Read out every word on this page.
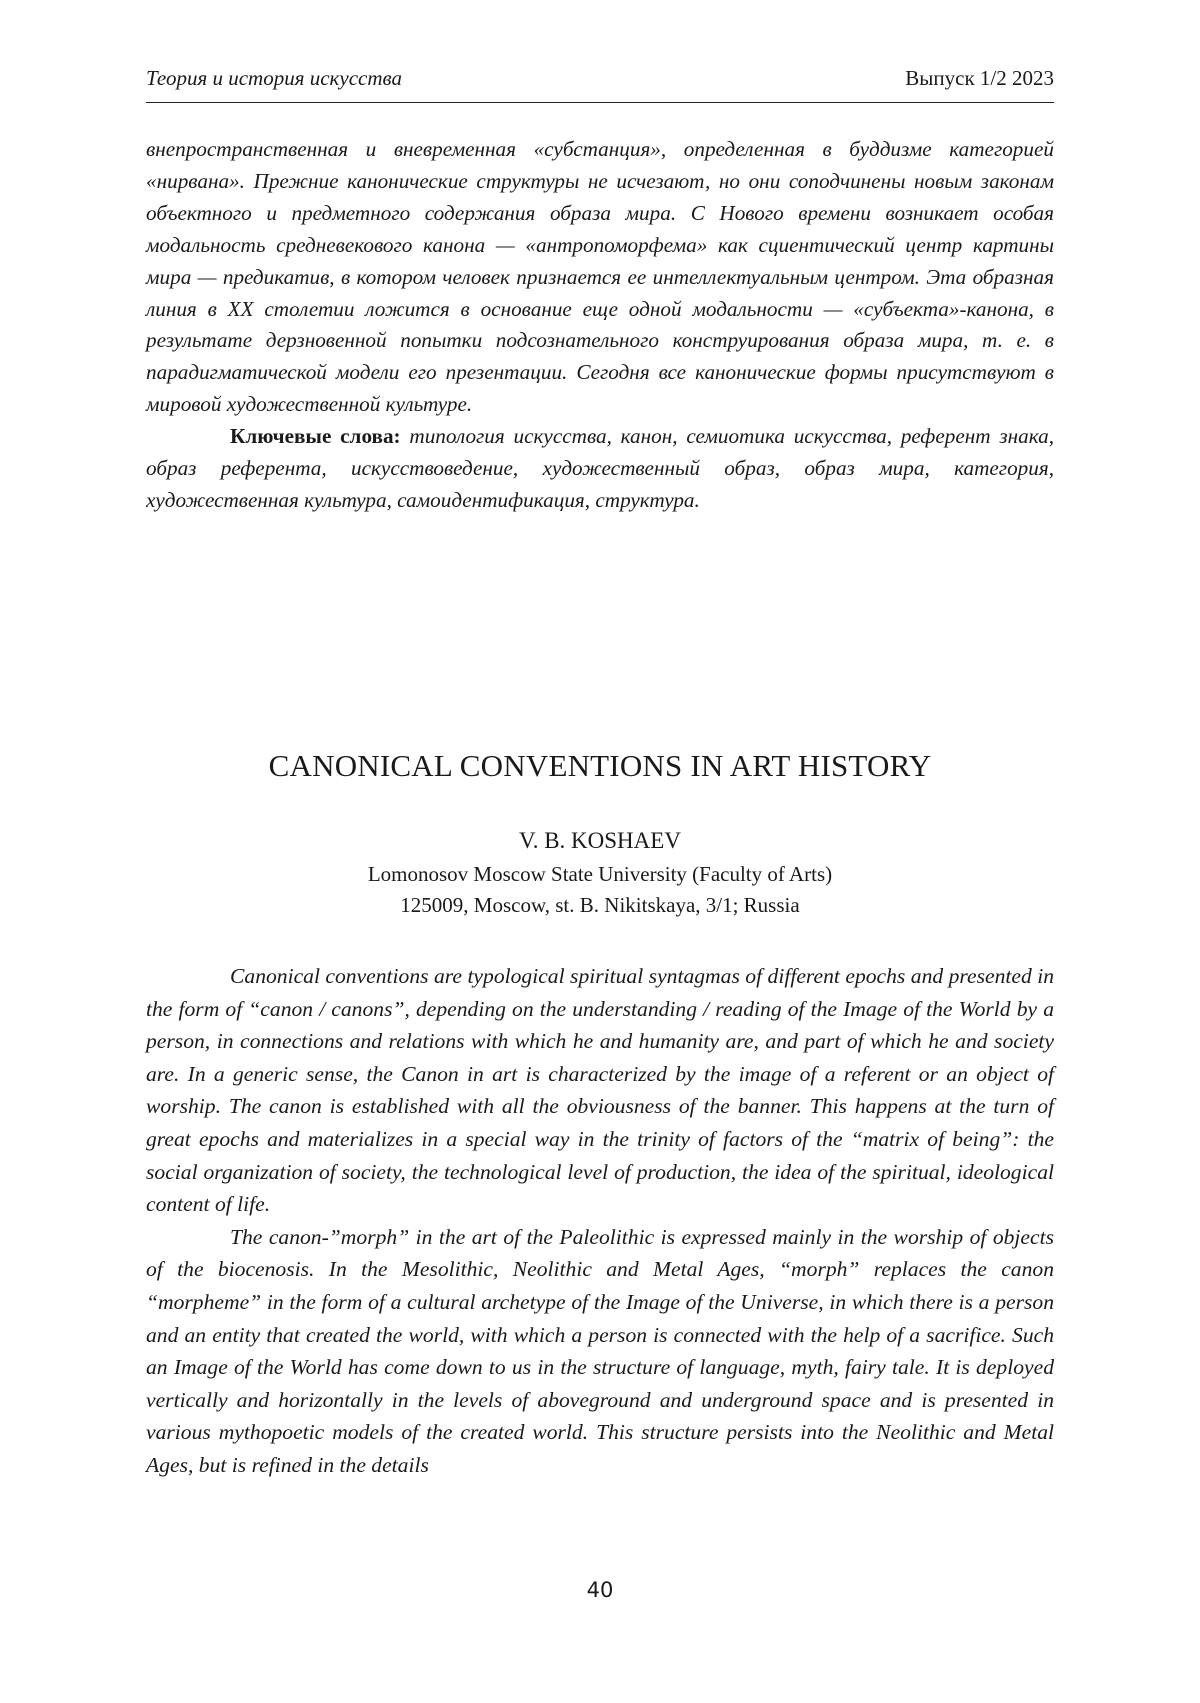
Теория и история искусства	Выпуск 1/2 2023

внепространственная и вневременная «субстанция», определенная в буддизме категорией «нирвана». Прежние канонические структуры не исчезают, но они соподчинены новым законам объектного и предметного содержания образа мира. С Нового времени возникает особая модальность средневекового канона — «антропоморфема» как сциентический центр картины мира — предикатив, в котором человек признается ее интеллектуальным центром. Эта образная линия в XX столетии ложится в основание еще одной модальности — «субъекта»-канона, в результате дерзновенной попытки подсознательного конструирования образа мира, т. е. в парадигматической модели его презентации. Сегодня все канонические формы присутствуют в мировой художественной культуре.

Ключевые слова: типология искусства, канон, семиотика искусства, референт знака, образ референта, искусствоведение, художественный образ, образ мира, категория, художественная культура, самоидентификация, структура.

CANONICAL CONVENTIONS IN ART HISTORY
V. B. KOSHAEV
Lomonosov Moscow State University (Faculty of Arts)
125009, Moscow, st. B. Nikitskaya, 3/1; Russia

Canonical conventions are typological spiritual syntagmas of different epochs and presented in the form of “canon / canons”, depending on the understanding / reading of the Image of the World by a person, in connections and relations with which he and humanity are, and part of which he and society are. In a generic sense, the Canon in art is characterized by the image of a referent or an object of worship. The canon is established with all the obviousness of the banner. This happens at the turn of great epochs and materializes in a special way in the trinity of factors of the “matrix of being”: the social organization of society, the technological level of production, the idea of the spiritual, ideological content of life.

The canon-”morph” in the art of the Paleolithic is expressed mainly in the worship of objects of the biocenosis. In the Mesolithic, Neolithic and Metal Ages, “morph” replaces the canon “morpheme” in the form of a cultural archetype of the Image of the Universe, in which there is a person and an entity that created the world, with which a person is connected with the help of a sacrifice. Such an Image of the World has come down to us in the structure of language, myth, fairy tale. It is deployed vertically and horizontally in the levels of aboveground and underground space and is presented in various mythopoetic models of the created world. This structure persists into the Neolithic and Metal Ages, but is refined in the details

40
